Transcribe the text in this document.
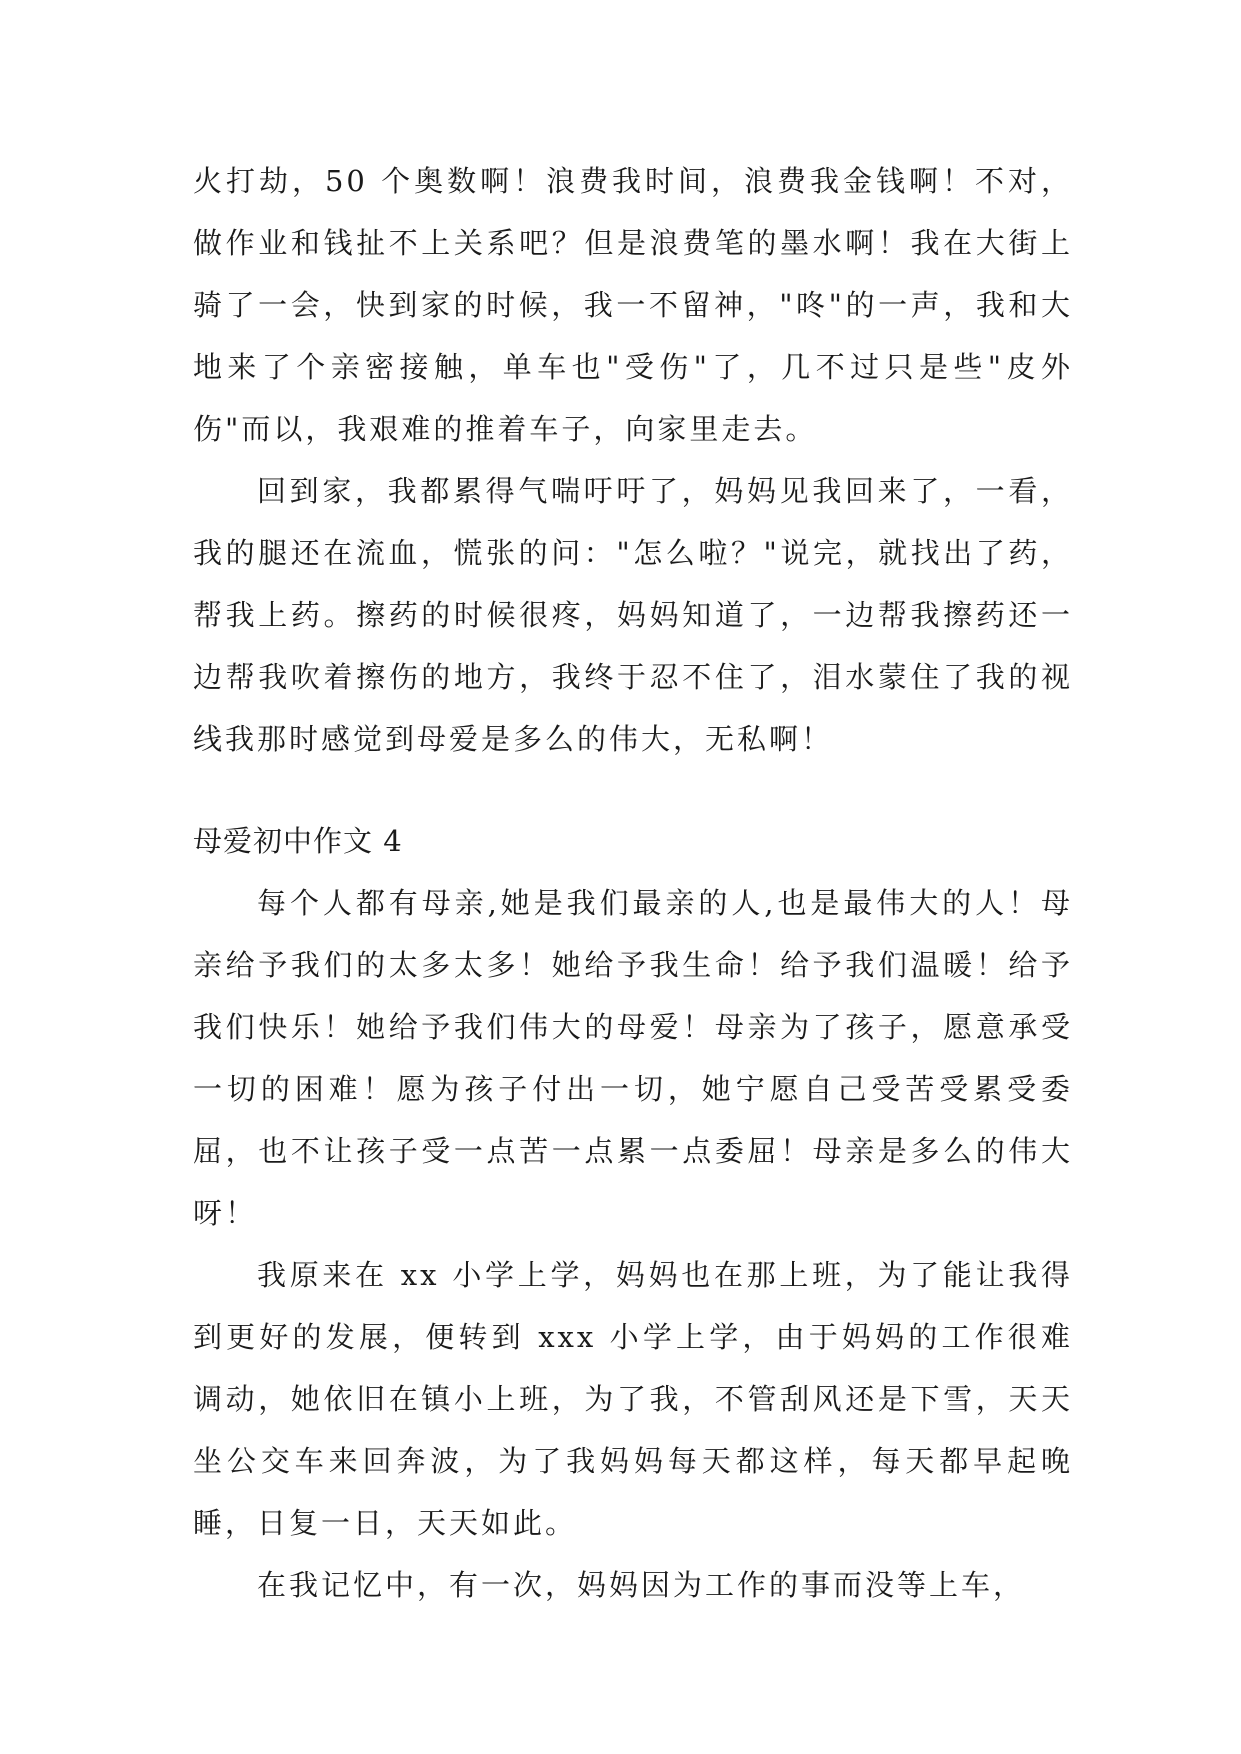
火打劫，50 个奥数啊！浪费我时间，浪费我金钱啊！不对，做作业和钱扯不上关系吧？但是浪费笔的墨水啊！我在大街上骑了一会，快到家的时候，我一不留神，"咚"的一声，我和大地来了个亲密接触，单车也"受伤"了，几不过只是些"皮外伤"而以，我艰难的推着车子，向家里走去。

回到家，我都累得气喘吁吁了，妈妈见我回来了，一看，我的腿还在流血，慌张的问："怎么啦？"说完，就找出了药，帮我上药。擦药的时候很疼，妈妈知道了，一边帮我擦药还一边帮我吹着擦伤的地方，我终于忍不住了，泪水蒙住了我的视线我那时感觉到母爱是多么的伟大，无私啊！

母爱初中作文 4

每个人都有母亲,她是我们最亲的人,也是最伟大的人！母亲给予我们的太多太多！她给予我生命！给予我们温暖！给予我们快乐！她给予我们伟大的母爱！母亲为了孩子，愿意承受一切的困难！愿为孩子付出一切，她宁愿自己受苦受累受委屈，也不让孩子受一点苦一点累一点委屈！母亲是多么的伟大呀！

我原来在 xx 小学上学，妈妈也在那上班，为了能让我得到更好的发展，便转到 xxx 小学上学，由于妈妈的工作很难调动，她依旧在镇小上班，为了我，不管刮风还是下雪，天天坐公交车来回奔波，为了我妈妈每天都这样，每天都早起晚睡，日复一日，天天如此。

在我记忆中，有一次，妈妈因为工作的事而没等上车，
